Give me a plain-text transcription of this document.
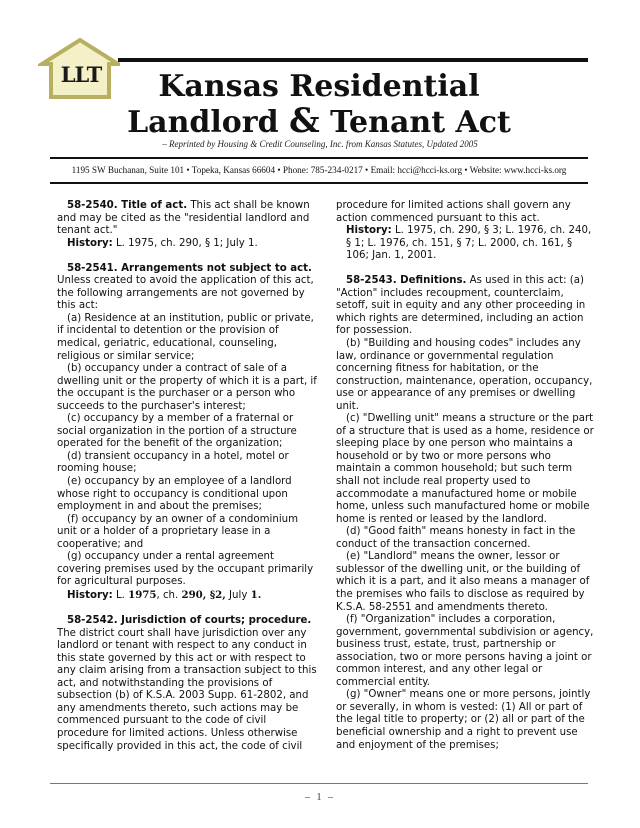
LLT	Kansas Residential
Landlord & Tenant Act
– Reprinted by Housing & Credit Counseling, Inc. from Kansas Statutes, Updated 2005
1195 SW Buchanan, Suite 101 • Topeka, Kansas 66604 • Phone: 785-234-0217 • Email: hcci@hcci-ks.org • Website: www.hcci-ks.org

58-2540. Title of act. This act shall be known and may be cited as the "residential landlord and tenant act."

History: L. 1975, ch. 290, § 1; July 1.

58-2541. Arrangements not subject to act. Unless created to avoid the application of this act, the following arrangements are not governed by this act:

(a) Residence at an institution, public or private, if incidental to detention or the provision of medical, geriatric, educational, counseling, religious or similar service;

(b) occupancy under a contract of sale of a dwelling unit or the property of which it is a part, if the occupant is the purchaser or a person who succeeds to the purchaser's interest;

(c) occupancy by a member of a fraternal or social organization in the portion of a structure operated for the benefit of the organization;

(d) transient occupancy in a hotel, motel or rooming house;

(e) occupancy by an employee of a landlord whose right to occupancy is conditional upon employment in and about the premises;

(f) occupancy by an owner of a condominium unit or a holder of a proprietary lease in a cooperative; and

(g) occupancy under a rental agreement covering premises used by the occupant primarily for agricultural purposes.

History: L. 1975, ch. 290, §2, July 1.

58-2542. Jurisdiction of courts; procedure. The district court shall have jurisdiction over any landlord or tenant with respect to any conduct in this state governed by this act or with respect to any claim arising from a transaction subject to this act, and notwithstanding the provisions of subsection (b) of K.S.A. 2003 Supp. 61-2802, and any amendments thereto, such actions may be commenced pursuant to the code of civil procedure for limited actions. Unless otherwise specifically provided in this act, the code of civil

procedure for limited actions shall govern any action commenced pursuant to this act.

History: L. 1975, ch. 290, § 3; L. 1976, ch. 240, § 1; L. 1976, ch. 151, § 7; L. 2000, ch. 161, § 106; Jan. 1, 2001.

58-2543. Definitions. As used in this act: (a) "Action" includes recoupment, counterclaim, setoff, suit in equity and any other proceeding in which rights are determined, including an action for possession.

(b) "Building and housing codes" includes any law, ordinance or governmental regulation concerning fitness for habitation, or the construction, maintenance, operation, occupancy, use or appearance of any premises or dwelling unit.

(c) "Dwelling unit" means a structure or the part of a structure that is used as a home, residence or sleeping place by one person who maintains a household or by two or more persons who maintain a common household; but such term shall not include real property used to accommodate a manufactured home or mobile home, unless such manufactured home or mobile home is rented or leased by the landlord.

(d) "Good faith" means honesty in fact in the conduct of the transaction concerned.

(e) "Landlord" means the owner, lessor or sublessor of the dwelling unit, or the building of which it is a part, and it also means a manager of the premises who fails to disclose as required by K.S.A. 58-2551 and amendments thereto.

(f) "Organization" includes a corporation, government, governmental subdivision or agency, business trust, estate, trust, partnership or association, two or more persons having a joint or common interest, and any other legal or commercial entity.

(g) "Owner" means one or more persons, jointly or severally, in whom is vested: (1) All or part of the legal title to property; or (2) all or part of the beneficial ownership and a right to prevent use and enjoyment of the premises;

– 1 –
